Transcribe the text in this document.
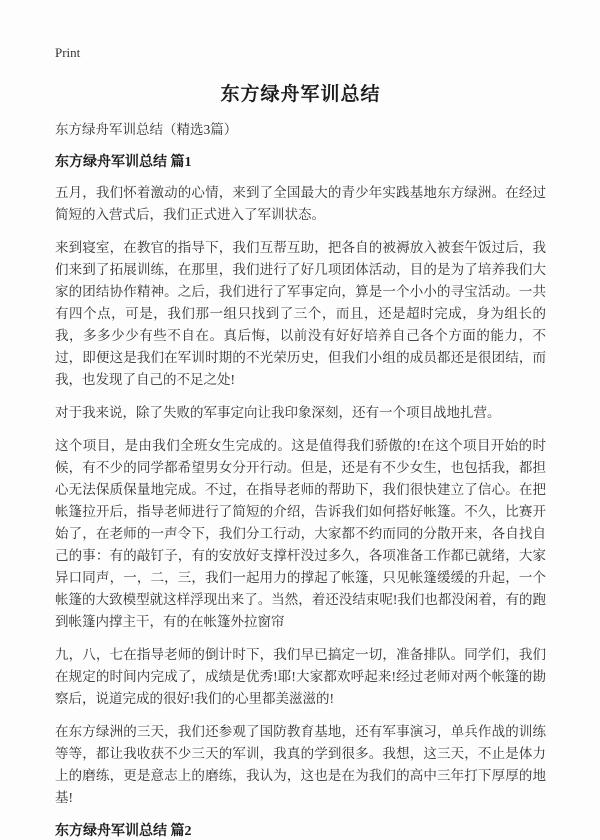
Print
东方绿舟军训总结

东方绿舟军训总结（精选3篇）

东方绿舟军训总结 篇1

五月，我们怀着激动的心情，来到了全国最大的青少年实践基地东方绿洲。在经过简短的入营式后，我们正式进入了军训状态。

来到寝室，在教官的指导下，我们互帮互助，把各自的被褥放入被套午饭过后，我们来到了拓展训练，在那里，我们进行了好几项团体活动，目的是为了培养我们大家的团结协作精神。之后，我们进行了军事定向，算是一个小小的寻宝活动。一共有四个点，可是，我们那一组只找到了三个，而且，还是超时完成，身为组长的我，多多少少有些不自在。真后悔，以前没有好好培养自己各个方面的能力，不过，即便这是我们在军训时期的不光荣历史，但我们小组的成员都还是很团结，而我，也发现了自己的不足之处!

对于我来说，除了失败的军事定向让我印象深刻，还有一个项目战地扎营。

这个项目，是由我们全班女生完成的。这是值得我们骄傲的!在这个项目开始的时候，有不少的同学都希望男女分开行动。但是，还是有不少女生，也包括我，都担心无法保质保量地完成。不过，在指导老师的帮助下，我们很快建立了信心。在把帐篷拉开后，指导老师进行了简短的介绍，告诉我们如何搭好帐篷。不久，比赛开始了，在老师的一声令下，我们分工行动，大家都不约而同的分散开来，各自找自己的事：有的敲钉子，有的安放好支撑杆没过多久，各项准备工作都已就绪，大家异口同声，一，二，三，我们一起用力的撑起了帐篷，只见帐篷缓缓的升起，一个帐篷的大致模型就这样浮现出来了。当然，着还没结束呢!我们也都没闲着，有的跑到帐篷内撑主干，有的在帐篷外拉窗帘

九，八，七在指导老师的倒计时下，我们早已搞定一切，准备排队。同学们，我们在规定的时间内完成了，成绩是优秀!耶!大家都欢呼起来!经过老师对两个帐篷的勘察后，说道完成的很好!我们的心里都美滋滋的!

在东方绿洲的三天，我们还参观了国防教育基地，还有军事演习，单兵作战的训练等等，都让我收获不少三天的军训，我真的学到很多。我想，这三天，不止是体力上的磨练，更是意志上的磨练，我认为，这也是在为我们的高中三年打下厚厚的地基!

东方绿舟军训总结 篇2
